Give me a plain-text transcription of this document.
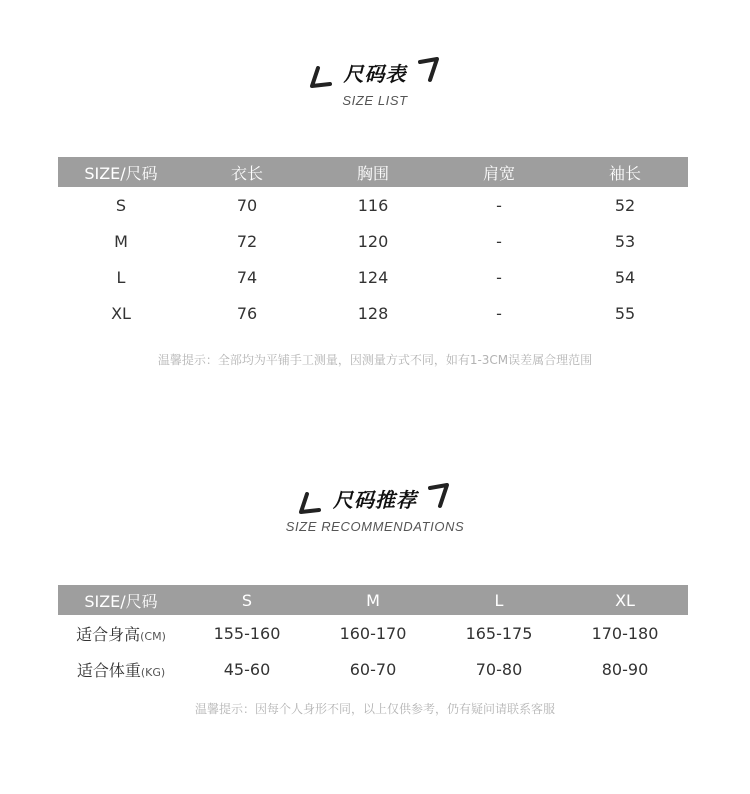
尺码表
SIZE LIST
SIZE/尺码	衣长	胸围	肩宽	袖长
S	70	116	-	52
M	72	120	-	53
L	74	124	-	54
XL	76	128	-	55
温馨提示：全部均为平铺手工测量，因测量方式不同，如有1-3CM误差属合理范围
尺码推荐
SIZE RECOMMENDATIONS
SIZE/尺码	S	M	L	XL
适合身高(CM)	155-160	160-170	165-175	170-180
适合体重(KG)	45-60	60-70	70-80	80-90
温馨提示：因每个人身形不同，以上仅供参考，仍有疑问请联系客服
